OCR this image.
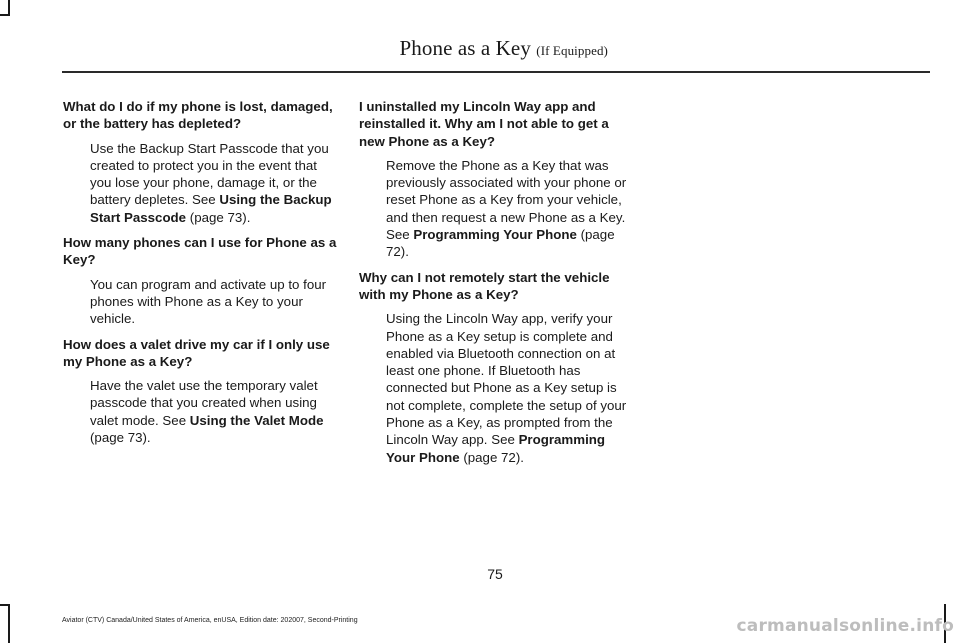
Phone as a Key (If Equipped)
What do I do if my phone is lost, damaged, or the battery has depleted?
Use the Backup Start Passcode that you created to protect you in the event that you lose your phone, damage it, or the battery depletes. See Using the Backup Start Passcode (page 73).
How many phones can I use for Phone as a Key?
You can program and activate up to four phones with Phone as a Key to your vehicle.
How does a valet drive my car if I only use my Phone as a Key?
Have the valet use the temporary valet passcode that you created when using valet mode. See Using the Valet Mode (page 73).
I uninstalled my Lincoln Way app and reinstalled it. Why am I not able to get a new Phone as a Key?
Remove the Phone as a Key that was previously associated with your phone or reset Phone as a Key from your vehicle, and then request a new Phone as a Key. See Programming Your Phone (page 72).
Why can I not remotely start the vehicle with my Phone as a Key?
Using the Lincoln Way app, verify your Phone as a Key setup is complete and enabled via Bluetooth connection on at least one phone. If Bluetooth has connected but Phone as a Key setup is not complete, complete the setup of your Phone as a Key, as prompted from the Lincoln Way app. See Programming Your Phone (page 72).
75
Aviator (CTV) Canada/United States of America, enUSA, Edition date: 202007, Second-Printing	carmanualsonline.info
